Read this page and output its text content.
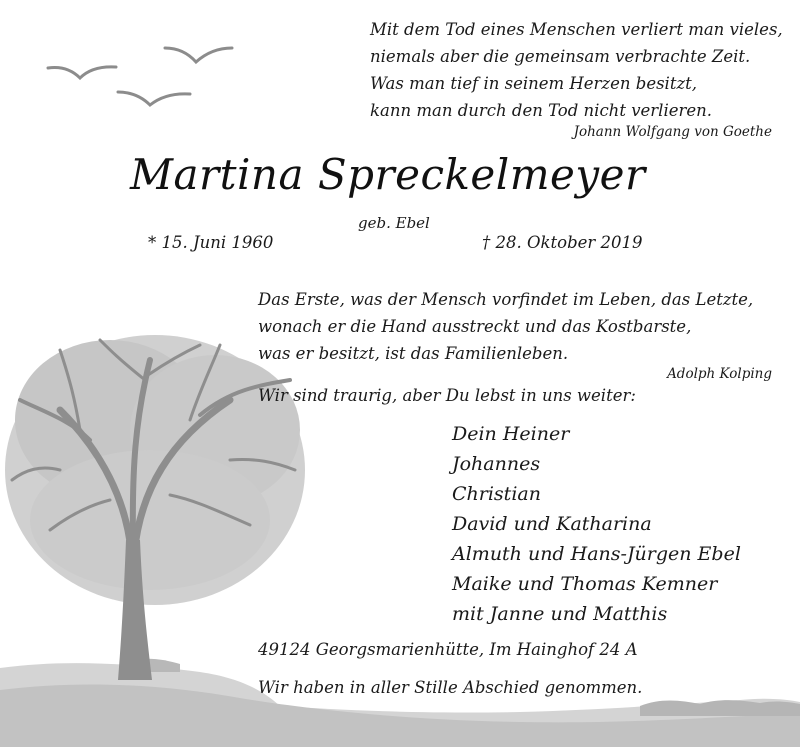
Mit dem Tod eines Menschen verliert man vieles,
niemals aber die gemeinsam verbrachte Zeit.
Was man tief in seinem Herzen besitzt,
kann man durch den Tod nicht verlieren.
Johann Wolfgang von Goethe
Martina Spreckelmeyer
geb. Ebel
* 15. Juni 1960	† 28. Oktober 2019
Das Erste, was der Mensch vorfindet im Leben, das Letzte,
wonach er die Hand ausstreckt und das Kostbarste,
was er besitzt, ist das Familienleben.
Adolph Kolping
Wir sind traurig, aber Du lebst in uns weiter:
Dein Heiner
Johannes
Christian
David und Katharina
Almuth und Hans-Jürgen Ebel
Maike und Thomas Kemner
mit Janne und Matthis
49124 Georgsmarienhütte, Im Hainghof 24 A
Wir haben in aller Stille Abschied genommen.
